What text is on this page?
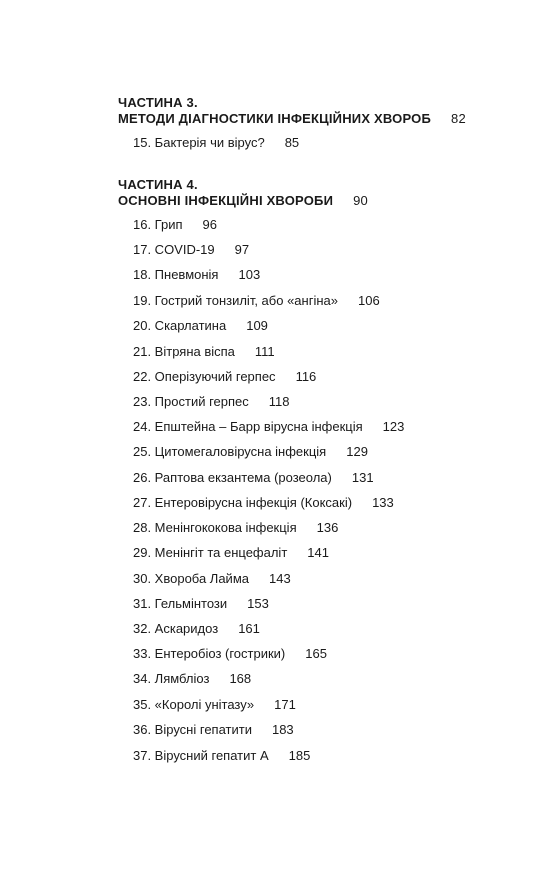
ЧАСТИНА 3.
МЕТОДИ ДІАГНОСТИКИ ІНФЕКЦІЙНИХ ХВОРОБ 82
15. Бактерія чи вірус? 85
ЧАСТИНА 4.
ОСНОВНІ ІНФЕКЦІЙНІ ХВОРОБИ 90
16. Грип 96
17. COVID-19 97
18. Пневмонія 103
19. Гострий тонзиліт, або «ангіна» 106
20. Скарлатина 109
21. Вітряна віспа 111
22. Оперізуючий герпес 116
23. Простий герпес 118
24. Епштейна – Барр вірусна інфекція 123
25. Цитомегаловірусна інфекція 129
26. Раптова екзантема (розеола) 131
27. Ентеровірусна інфекція (Коксакі) 133
28. Менінгококова інфекція 136
29. Менінгіт та енцефаліт 141
30. Хвороба Лайма 143
31. Гельмінтози 153
32. Аскаридоз 161
33. Ентеробіоз (гострики) 165
34. Лямбліоз 168
35. «Королі унітазу» 171
36. Вірусні гепатити 183
37. Вірусний гепатит А 185
